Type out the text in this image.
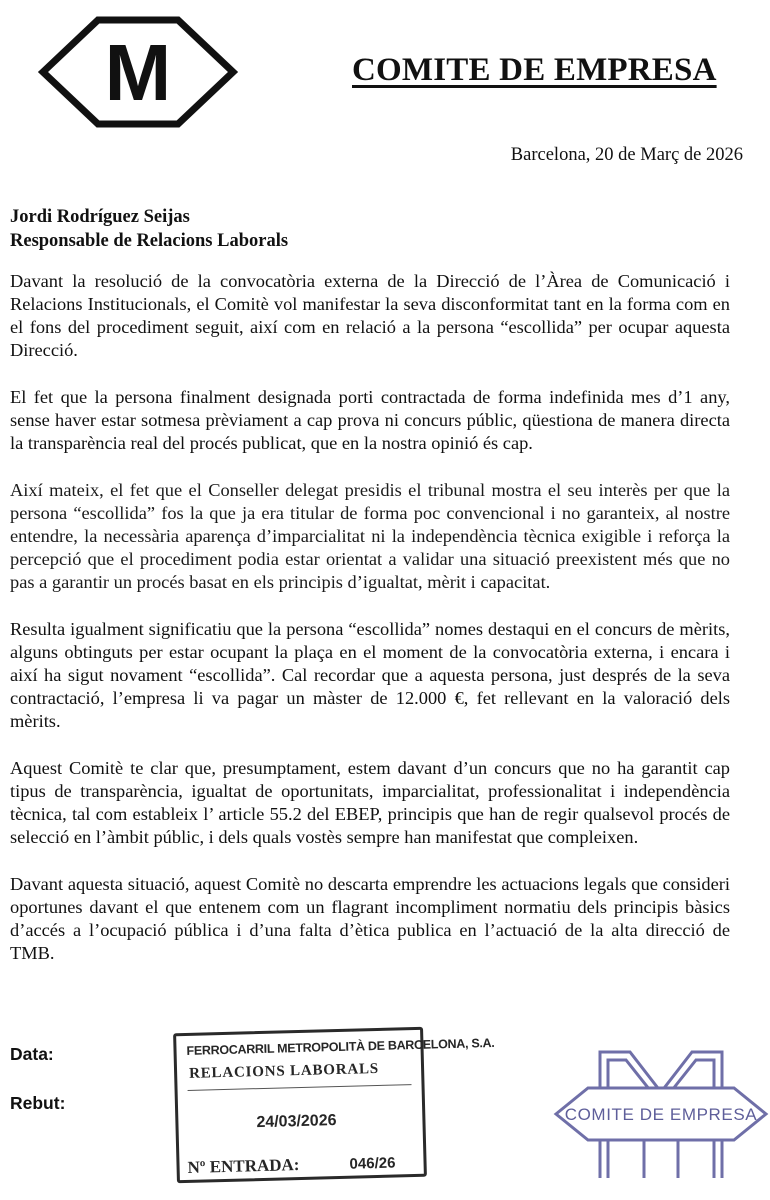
M	COMITE DE EMPRESA
Barcelona, 20 de Març de 2026
Jordi Rodríguez Seijas
Responsable de Relacions Laborals

Davant la resolució de la convocatòria externa de la Direcció de l’Àrea de Comunicació i Relacions Institucionals, el Comitè vol manifestar la seva disconformitat tant en la forma com en el fons del procediment seguit, així com en relació a la persona “escollida” per ocupar aquesta Direcció.

El fet que la persona finalment designada porti contractada de forma indefinida mes d’1 any, sense haver estar sotmesa prèviament a cap prova ni concurs públic, qüestiona de manera directa la transparència real del procés publicat, que en la nostra opinió és cap.

Així mateix, el fet que el Conseller delegat presidis el tribunal mostra el seu interès per que la persona “escollida” fos la que ja era titular de forma poc convencional i no garanteix, al nostre entendre, la necessària aparença d’imparcialitat ni la independència tècnica exigible i reforça la percepció que el procediment podia estar orientat a validar una situació preexistent més que no pas a garantir un procés basat en els principis d’igualtat, mèrit i capacitat.

Resulta igualment significatiu que la persona “escollida” nomes destaqui en el concurs de mèrits, alguns obtinguts per estar ocupant la plaça en el moment de la convocatòria externa, i encara i així ha sigut novament “escollida”. Cal recordar que a aquesta persona, just després de la seva contractació, l’empresa li va pagar un màster de 12.000 €, fet rellevant en la valoració dels mèrits.

Aquest Comitè te clar que, presumptament, estem davant d’un concurs que no ha garantit cap tipus de transparència, igualtat de oportunitats, imparcialitat, professionalitat i independència tècnica, tal com estableix l’ article 55.2 del EBEP, principis que han de regir qualsevol procés de selecció en l’àmbit públic, i dels quals vostès sempre han manifestat que compleixen.

Davant aquesta situació, aquest Comitè no descarta emprendre les actuacions legals que consideri oportunes davant el que entenem com un flagrant incompliment normatiu dels principis bàsics d’accés a l’ocupació pública i d’una falta d’ètica publica en l’actuació de la alta direcció de TMB.

Data:
Rebut:
FERROCARRIL METROPOLITÀ DE BARCELONA, S.A.
RELACIONS LABORALS
24/03/2026
Nº ENTRADA:	046/26
COMITE DE EMPRESA
